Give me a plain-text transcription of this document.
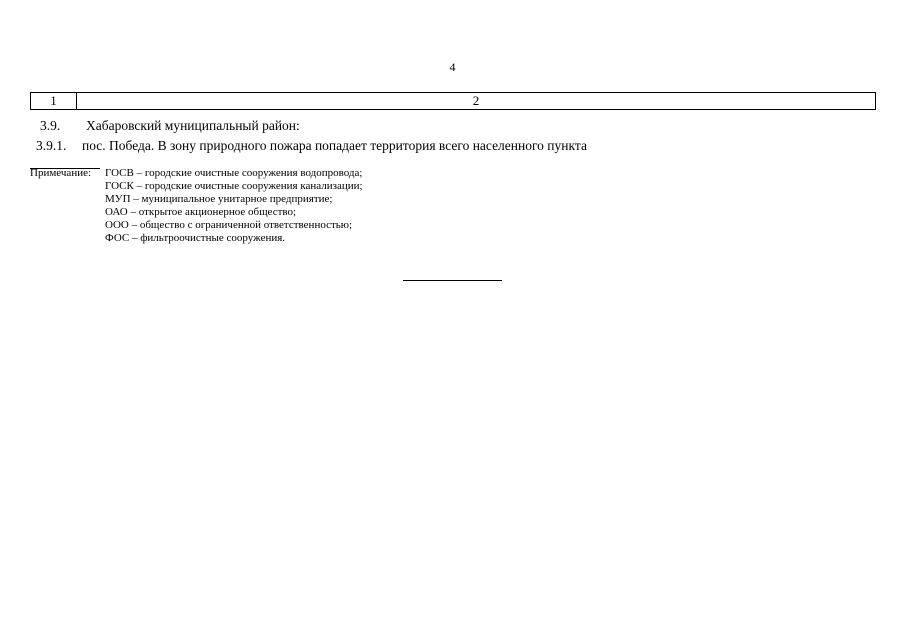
4
1	2
3.9. Хабаровский муниципальный район:
3.9.1. пос. Победа. В зону природного пожара попадает территория всего населенного пункта
Примечание: ГОСВ – городские очистные сооружения водопровода;
ГОСК – городские очистные сооружения канализации;
МУП – муниципальное унитарное предприятие;
ОАО – открытое акционерное общество;
ООО – общество с ограниченной ответственностью;
ФОС – фильтроочистные сооружения.
